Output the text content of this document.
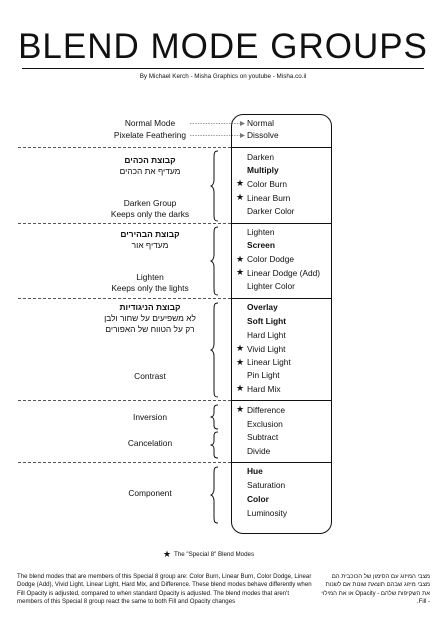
BLEND MODE GROUPS
By Michael Kerch - Misha Graphics on youtube - Misha.co.il
Normal Mode
Pixelate Feathering
קבוצת הכהים
מעדיף את הכהים
Darken Group
Keeps only the darks
קבוצת הבהירים
מעדיף אור
Lighten
Keeps only the lights
קבוצת הניגודיות
לא משפיעים על שחור ולבן
רק על הטווח של האפורים
Contrast
Inversion
Cancelation
Component
Normal
Dissolve
Darken
Multiply
★ Color Burn
★ Linear Burn
Darker Color
Lighten
Screen
★ Color Dodge
★ Linear Dodge (Add)
Lighter Color
Overlay
Soft Light
Hard Light
★ Vivid Light
★ Linear Light
Pin Light
★ Hard Mix
★ Difference
Exclusion
Subtract
Divide
Hue
Saturation
Color
Luminosity
★ The "Special 8" Blend Modes
The blend modes that are members of this Special 8 group are: Color Burn, Linear Burn, Color Dodge, Linear Dodge (Add), Vivid Light, Linear Light, Hard Mix, and Difference. These blend modes behave differently when Fill Opacity is adjusted, compared to when standard Opacity is adjusted. The blend modes that aren't members of this Special 8 group react the same to both Fill and Opacity changes
מצבי המיזוג עם הסימון של הכוכבית הם מצבי מיזוג שבהם תוצאת שונות אם לשנות את השקיפות שלהם - Opacity או את המילוי - Fill.
